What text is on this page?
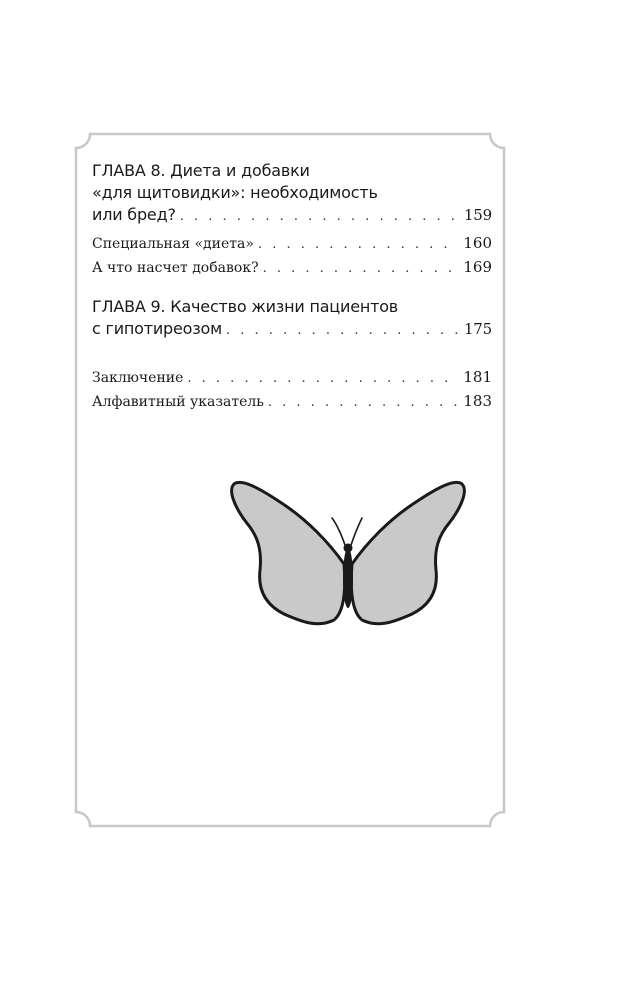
ГЛАВА 8. Диета и добавки
«для щитовидки»: необходимость
или бред? . . .	159
Специальная «диета» . . .	160
А что насчет добавок? . . .	169
ГЛАВА 9. Качество жизни пациентов
с гипотиреозом . . .	175
Заключение . . .	181
Алфавитный указатель . . .	183
